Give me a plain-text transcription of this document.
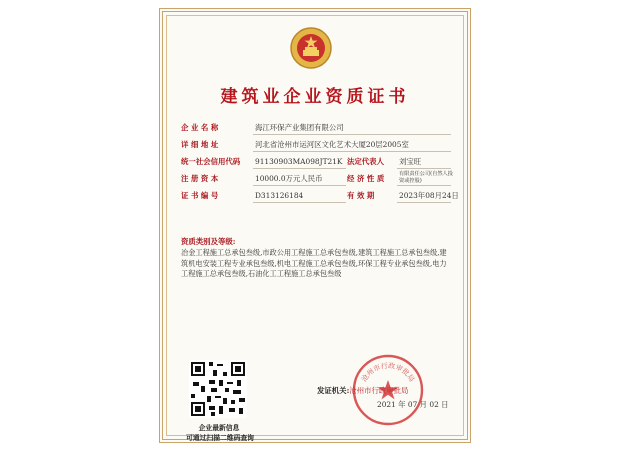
建筑业企业资质证书
企 业 名 称	海江环保产业集团有限公司
详 细 地 址	河北省沧州市运河区文化艺术大厦20层2005室
统一社会信用代码	91130903MA098JT21K 法定代表人 刘宝旺
注 册 资 本	10000.0万元人民币	经 济 性 质	有限责任公司(自然人投资或控股)
证 书 编 号	D313126184	有 效 期	2023年08月24日
资质类别及等级:
冶金工程施工总承包叁级,市政公用工程施工总承包叁级,建筑工程施工总承包叁级,建筑机电安装工程专业承包叁级,机电工程施工总承包叁级,环保工程专业承包叁级,电力工程施工总承包叁级,石油化工工程施工总承包叁级
企业最新信息
可通过扫描二维码查询
沧州市行政审批局
发证机关:沧州市行政审批局
2021 年 07 月 02 日
